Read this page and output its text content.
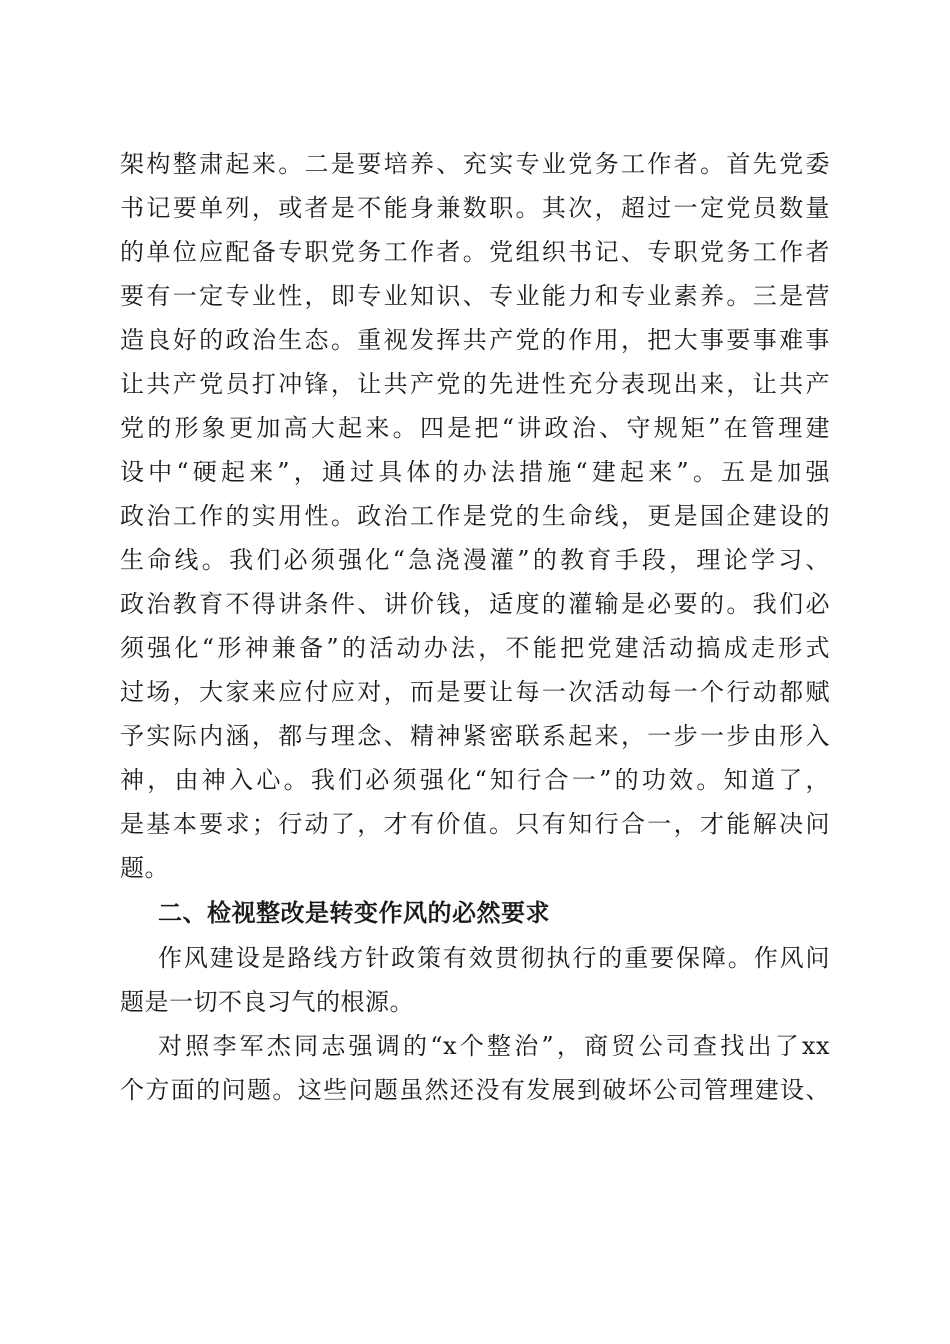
架构整肃起来。二是要培养、充实专业党务工作者。首先党委
书记要单列，或者是不能身兼数职。其次，超过一定党员数量
的单位应配备专职党务工作者。党组织书记、专职党务工作者
要有一定专业性，即专业知识、专业能力和专业素养。三是营
造良好的政治生态。重视发挥共产党的作用，把大事要事难事
让共产党员打冲锋，让共产党的先进性充分表现出来，让共产
党的形象更加高大起来。四是把“讲政治、守规矩”在管理建
设中“硬起来”，通过具体的办法措施“建起来”。五是加强
政治工作的实用性。政治工作是党的生命线，更是国企建设的
生命线。我们必须强化“急浇漫灌”的教育手段，理论学习、
政治教育不得讲条件、讲价钱，适度的灌输是必要的。我们必
须强化“形神兼备”的活动办法，不能把党建活动搞成走形式
过场，大家来应付应对，而是要让每一次活动每一个行动都赋
予实际内涵，都与理念、精神紧密联系起来，一步一步由形入
神，由神入心。我们必须强化“知行合一”的功效。知道了，
是基本要求；行动了，才有价值。只有知行合一，才能解决问
题。
二、检视整改是转变作风的必然要求
作风建设是路线方针政策有效贯彻执行的重要保障。作风问
题是一切不良习气的根源。
对照李军杰同志强调的“x个整治”，商贸公司查找出了xx
个方面的问题。这些问题虽然还没有发展到破坏公司管理建设、
